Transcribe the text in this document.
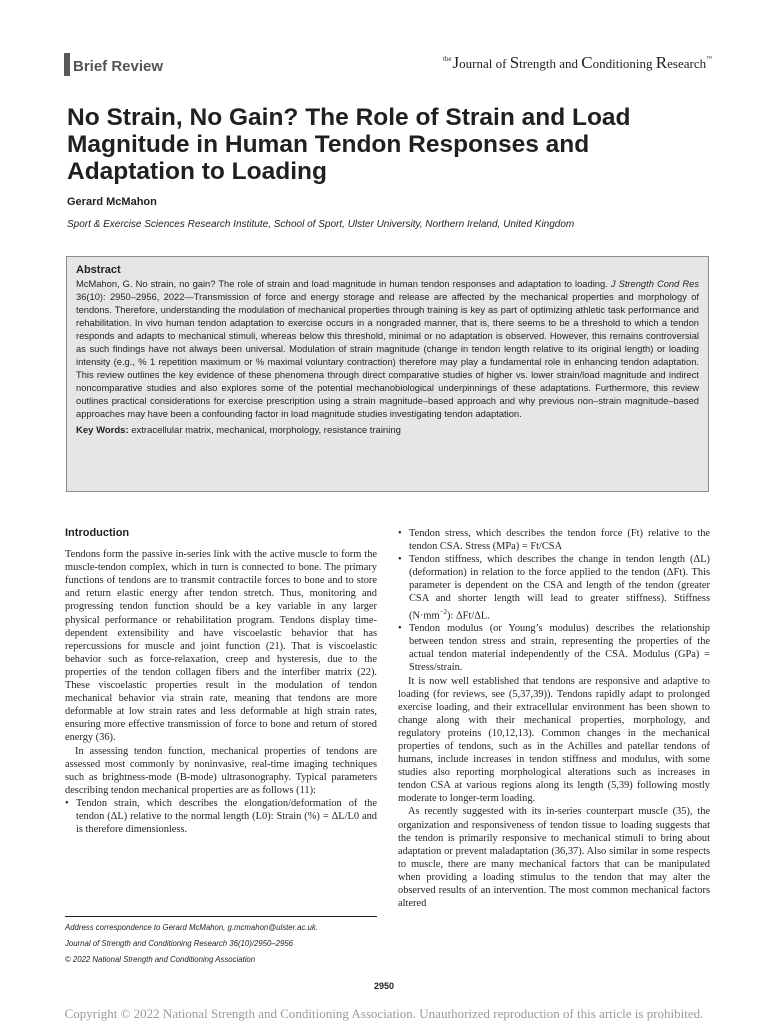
Brief Review	$^{the}$Journal of Strength and Conditioning Research™
No Strain, No Gain? The Role of Strain and Load Magnitude in Human Tendon Responses and Adaptation to Loading
Gerard McMahon
Sport & Exercise Sciences Research Institute, School of Sport, Ulster University, Northern Ireland, United Kingdom
Abstract
McMahon, G. No strain, no gain? The role of strain and load magnitude in human tendon responses and adaptation to loading. J Strength Cond Res 36(10): 2950–2956, 2022—Transmission of force and energy storage and release are affected by the mechanical properties and morphology of tendons. Therefore, understanding the modulation of mechanical properties through training is key as part of optimizing athletic task performance and rehabilitation. In vivo human tendon adaptation to exercise occurs in a nongraded manner, that is, there seems to be a threshold to which a tendon responds and adapts to mechanical stimuli, whereas below this threshold, minimal or no adaptation is observed. However, this remains controversial as such findings have not always been universal. Modulation of strain magnitude (change in tendon length relative to its original length) or loading intensity (e.g., % 1 repetition maximum or % maximal voluntary contraction) therefore may play a fundamental role in enhancing tendon adaptation. This review outlines the key evidence of these phenomena through direct comparative studies of higher vs. lower strain/load magnitude and indirect noncomparative studies and also explores some of the potential mechanobiological underpinnings of these adaptations. Furthermore, this review outlines practical considerations for exercise prescription using a strain magnitude–based approach and why previous non–strain magnitude–based approaches may have been a confounding factor in load magnitude studies investigating tendon adaptation.
Key Words: extracellular matrix, mechanical, morphology, resistance training
Introduction

Tendons form the passive in-series link with the active muscle to form the muscle-tendon complex, which in turn is connected to bone. The primary functions of tendons are to transmit contractile forces to bone and to store and return elastic energy after tendon stretch. Thus, monitoring and progressing tendon function should be a key variable in any larger physical performance or rehabilitation program. Tendons display time-dependent extensibility and have viscoelastic behavior that has repercussions for muscle and joint function (21). That is viscoelastic behavior such as force-relaxation, creep and hysteresis, due to the properties of the tendon collagen fibers and the interfiber matrix (22). These viscoelastic properties result in the modulation of tendon mechanical behavior via strain rate, meaning that tendons are more deformable at low strain rates and less deformable at high strain rates, ensuring more effective transmission of force to bone and return of stored energy (36).

In assessing tendon function, mechanical properties of tendons are assessed most commonly by noninvasive, real-time imaging techniques such as brightness-mode (B-mode) ultrasonography. Typical parameters describing tendon mechanical properties are as follows (11):

• Tendon strain, which describes the elongation/deformation of the tendon (ΔL) relative to the normal length (L0): Strain (%) = ΔL/L0 and is therefore dimensionless.
Address correspondence to Gerard McMahon, g.mcmahon@ulster.ac.uk.
Journal of Strength and Conditioning Research 36(10)/2950–2956
© 2022 National Strength and Conditioning Association
• Tendon stress, which describes the tendon force (Ft) relative to the tendon CSA. Stress (MPa) = Ft/CSA
• Tendon stiffness, which describes the change in tendon length (ΔL) (deformation) in relation to the force applied to the tendon (ΔFt). This parameter is dependent on the CSA and length of the tendon (greater CSA and shorter length will lead to greater stiffness). Stiffness $(N\cdot mm^{-2})$: ΔFt/ΔL.
• Tendon modulus (or Young’s modulus) describes the relationship between tendon stress and strain, representing the properties of the actual tendon material independently of the CSA. Modulus (GPa) = Stress/strain.

It is now well established that tendons are responsive and adaptive to loading (for reviews, see (5,37,39)). Tendons rapidly adapt to prolonged exercise loading, and their extracellular environment has been shown to change along with their mechanical properties, morphology, and regulatory proteins (10,12,13). Common changes in the mechanical properties of tendons, such as in the Achilles and patellar tendons of humans, include increases in tendon stiffness and modulus, with some studies also reporting morphological alterations such as increases in tendon CSA at various regions along its length (5,39) following mostly moderate to longer-term loading.

As recently suggested with its in-series counterpart muscle (35), the organization and responsiveness of tendon tissue to loading suggests that the tendon is primarily responsive to mechanical stimuli to bring about adaptation or prevent maladaptation (36,37). Also similar in some respects to muscle, there are many mechanical factors that can be manipulated when providing a loading stimulus to the tendon that may alter the observed results of an intervention. The most common mechanical factors altered

2950
Copyright © 2022 National Strength and Conditioning Association. Unauthorized reproduction of this article is prohibited.
